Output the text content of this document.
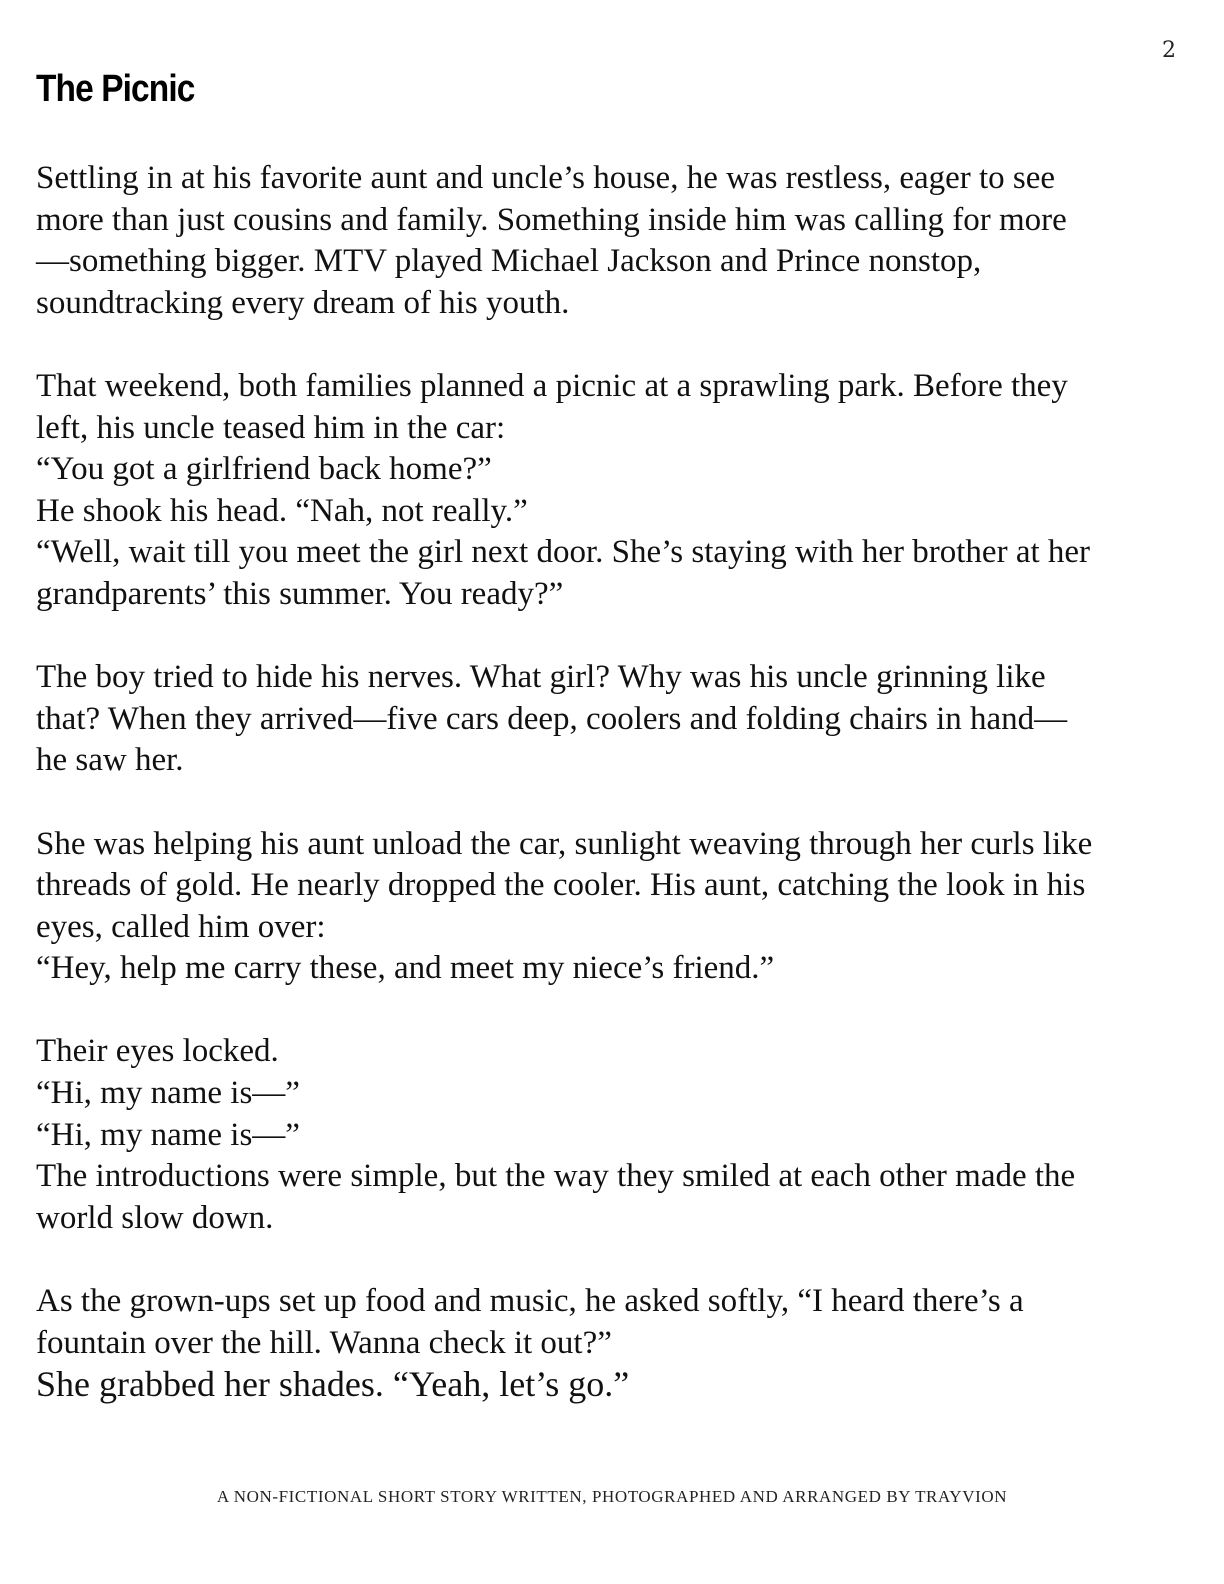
2
The Picnic

Settling in at his favorite aunt and uncle’s house, he was restless, eager to see
more than just cousins and family. Something inside him was calling for more
—something bigger. MTV played Michael Jackson and Prince nonstop,
soundtracking every dream of his youth.

That weekend, both families planned a picnic at a sprawling park. Before they
left, his uncle teased him in the car:
“You got a girlfriend back home?”
He shook his head. “Nah, not really.”
“Well, wait till you meet the girl next door. She’s staying with her brother at her
grandparents’ this summer. You ready?”

The boy tried to hide his nerves. What girl? Why was his uncle grinning like
that? When they arrived—five cars deep, coolers and folding chairs in hand—
he saw her.

She was helping his aunt unload the car, sunlight weaving through her curls like
threads of gold. He nearly dropped the cooler. His aunt, catching the look in his
eyes, called him over:
“Hey, help me carry these, and meet my niece’s friend.”

Their eyes locked.
“Hi, my name is—”
“Hi, my name is—”
The introductions were simple, but the way they smiled at each other made the
world slow down.

As the grown-ups set up food and music, he asked softly, “I heard there’s a
fountain over the hill. Wanna check it out?”
She grabbed her shades. “Yeah, let’s go.”

A NON-FICTIONAL SHORT STORY WRITTEN, PHOTOGRAPHED AND ARRANGED BY TRAYVION
